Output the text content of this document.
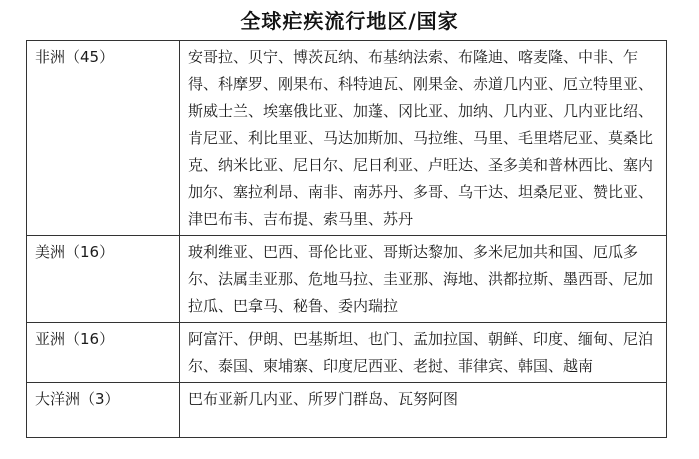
全球疟疾流行地区/国家
非洲（45）	安哥拉、贝宁、博茨瓦纳、布基纳法索、布隆迪、喀麦隆、中非、乍得、科摩罗、刚果布、科特迪瓦、刚果金、赤道几内亚、厄立特里亚、斯威士兰、埃塞俄比亚、加蓬、冈比亚、加纳、几内亚、几内亚比绍、肯尼亚、利比里亚、马达加斯加、马拉维、马里、毛里塔尼亚、莫桑比克、纳米比亚、尼日尔、尼日利亚、卢旺达、圣多美和普林西比、塞内加尔、塞拉利昂、南非、南苏丹、多哥、乌干达、坦桑尼亚、赞比亚、津巴布韦、吉布提、索马里、苏丹
美洲（16）	玻利维亚、巴西、哥伦比亚、哥斯达黎加、多米尼加共和国、厄瓜多尔、法属圭亚那、危地马拉、圭亚那、海地、洪都拉斯、墨西哥、尼加拉瓜、巴拿马、秘鲁、委内瑞拉
亚洲（16）	阿富汗、伊朗、巴基斯坦、也门、孟加拉国、朝鲜、印度、缅甸、尼泊尔、泰国、柬埔寨、印度尼西亚、老挝、菲律宾、韩国、越南
大洋洲（3）	巴布亚新几内亚、所罗门群岛、瓦努阿图
